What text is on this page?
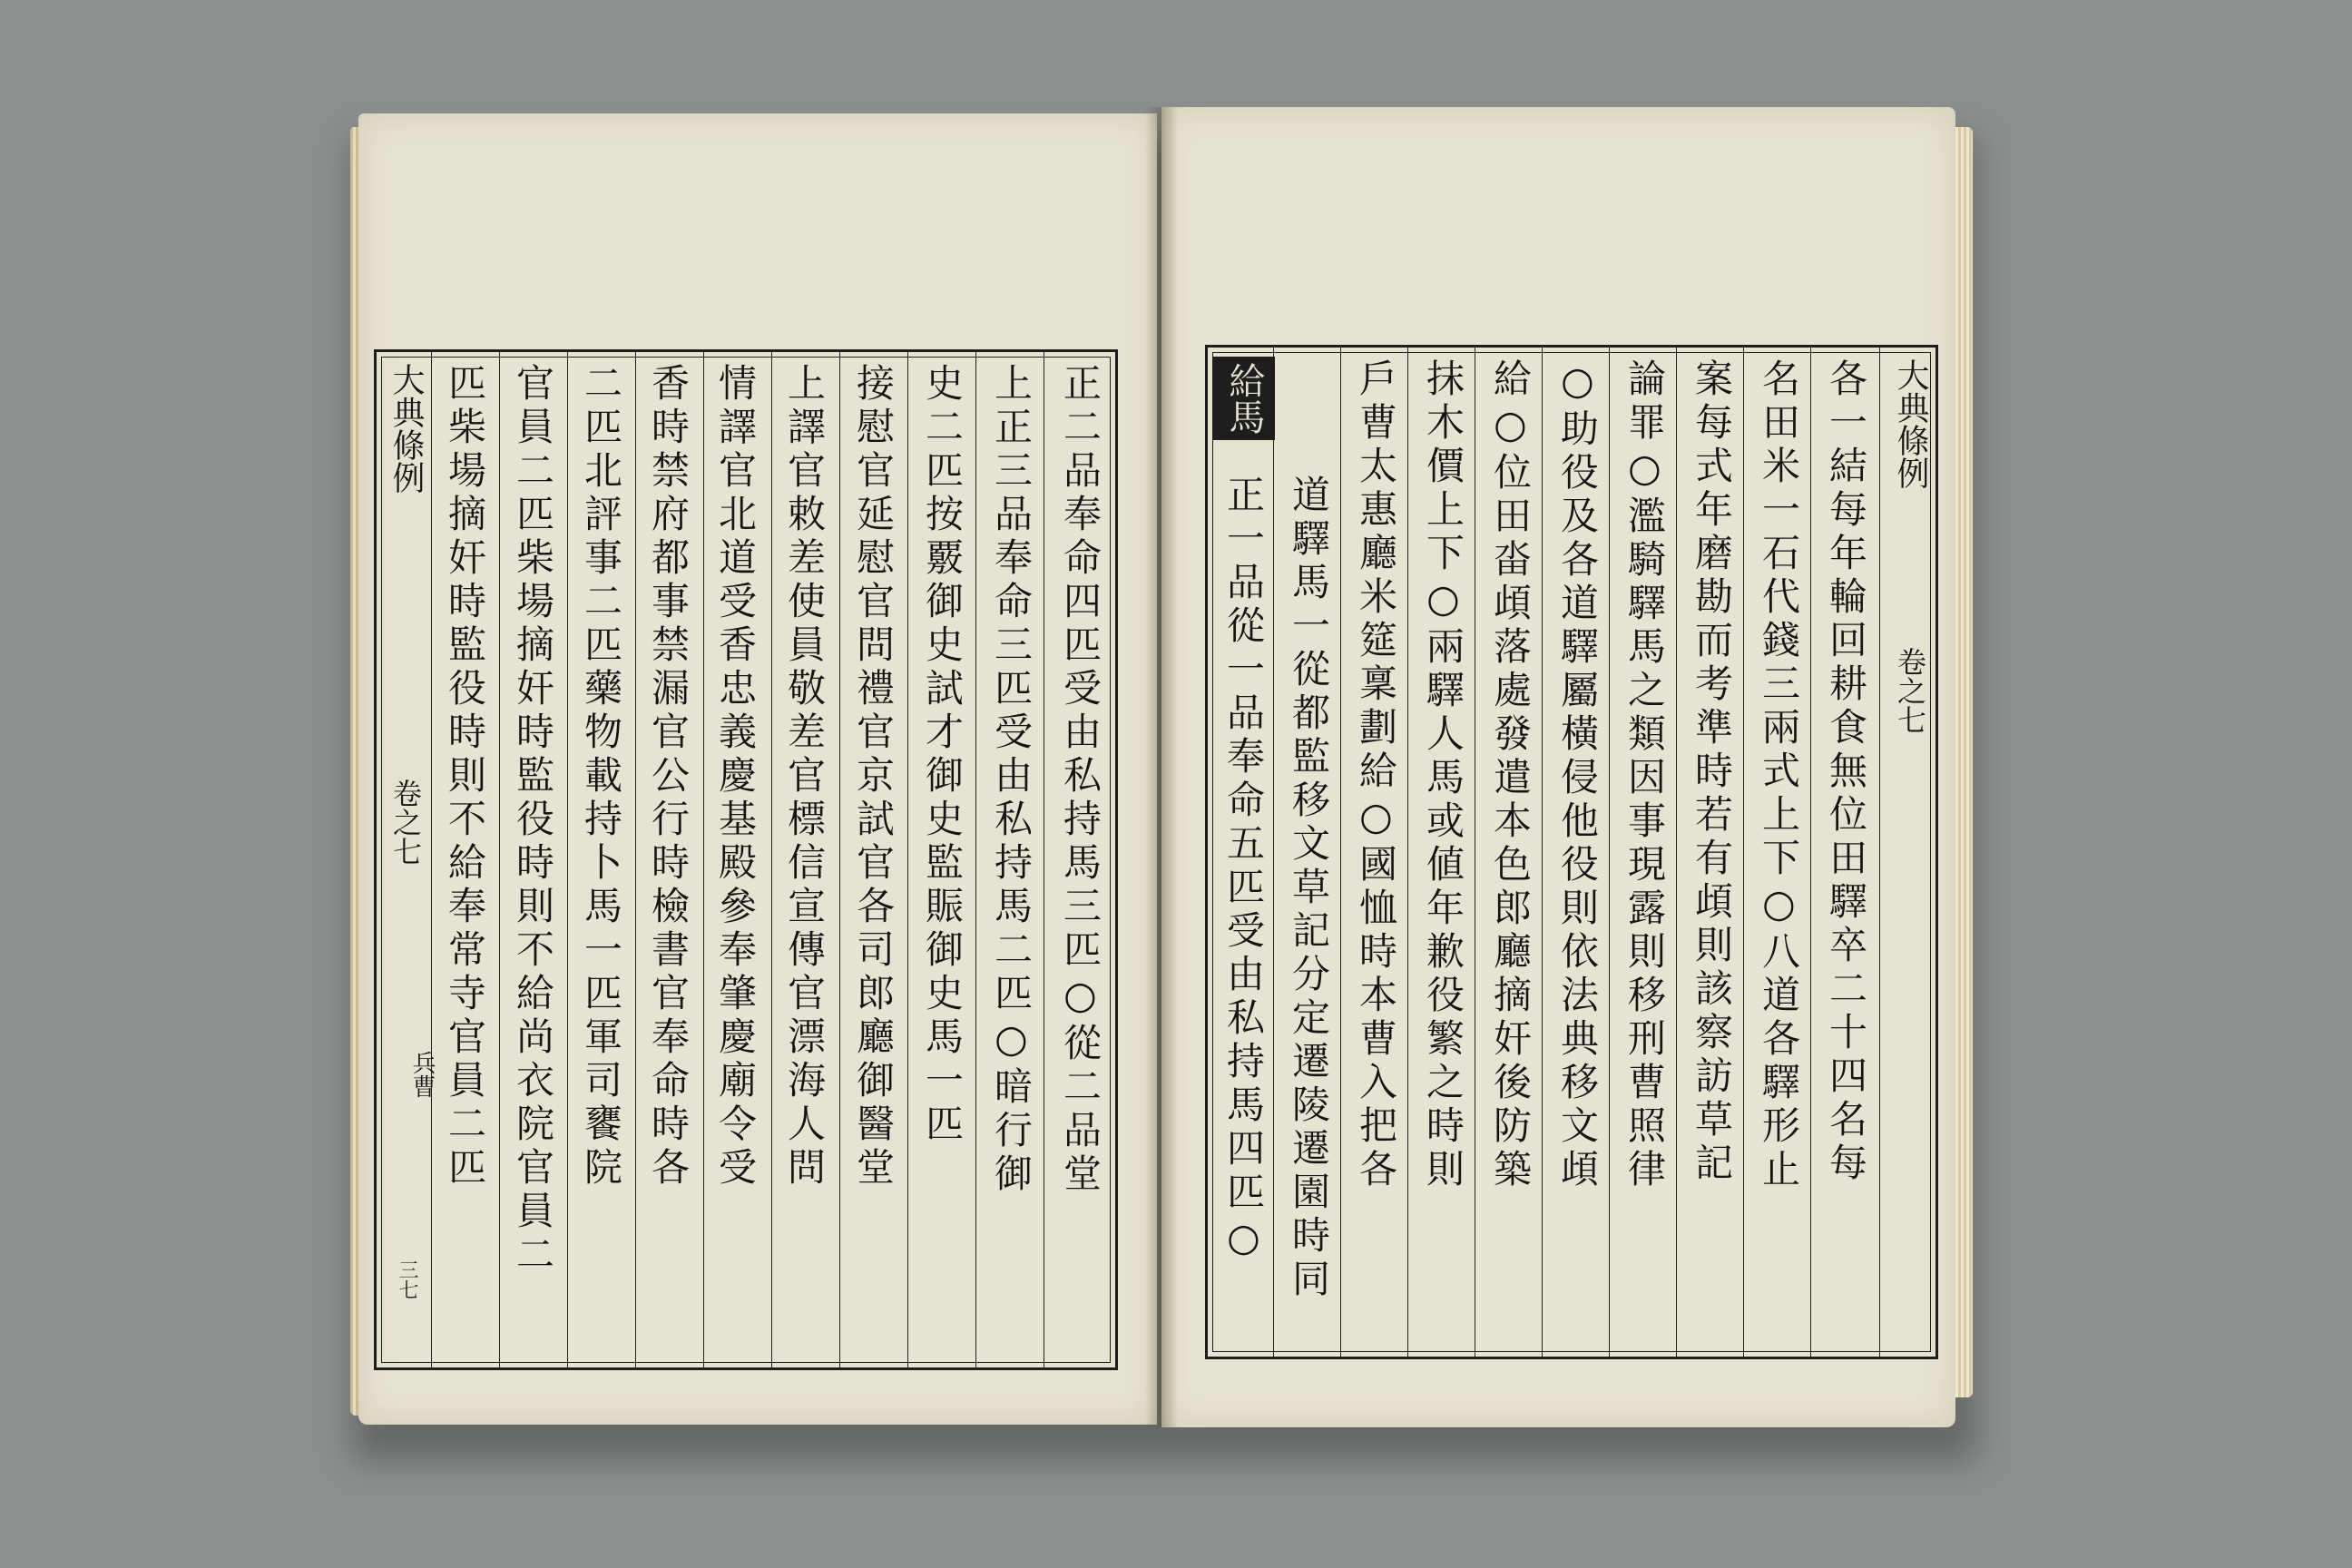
大典條例
卷之七
兵曹
三七
正二品奉命四匹受由私持馬三匹○從二品堂
上正三品奉命三匹受由私持馬二匹○暗行御
史二匹按覈御史試才御史監賑御史馬一匹
接慰官延慰官問禮官京試官各司郎廳御醫堂
上譯官敕差使員敬差官標信宣傳官漂海人問
情譯官北道受香忠義慶基殿參奉肇慶廟令受
香時禁府都事禁漏官公行時檢書官奉命時各
二匹北評事二匹藥物載持卜馬一匹軍司饔院
官員二匹柴場摘奸時監役時則不給尚衣院官員二
匹柴場摘奸時監役時則不給奉常寺官員二匹	大典條例
卷之七
各一結每年輪回耕食無位田驛卒二十四名每
名田米一石代錢三兩式上下○八道各驛形止
案每式年磨勘而考準時若有頉則該察訪草記
論罪○濫騎驛馬之類因事現露則移刑曹照律
○助役及各道驛屬橫侵他役則依法典移文頉
給○位田畓頉落處發遣本色郎廳摘奸後防築
抹木價上下○兩驛人馬或値年歉役繁之時則
戶曹太惠廳米筵稟劃給○國恤時本曹入把各
道驛馬一從都監移文草記分定遷陵遷園時同
正一品從一品奉命五匹受由私持馬四匹○
給馬
